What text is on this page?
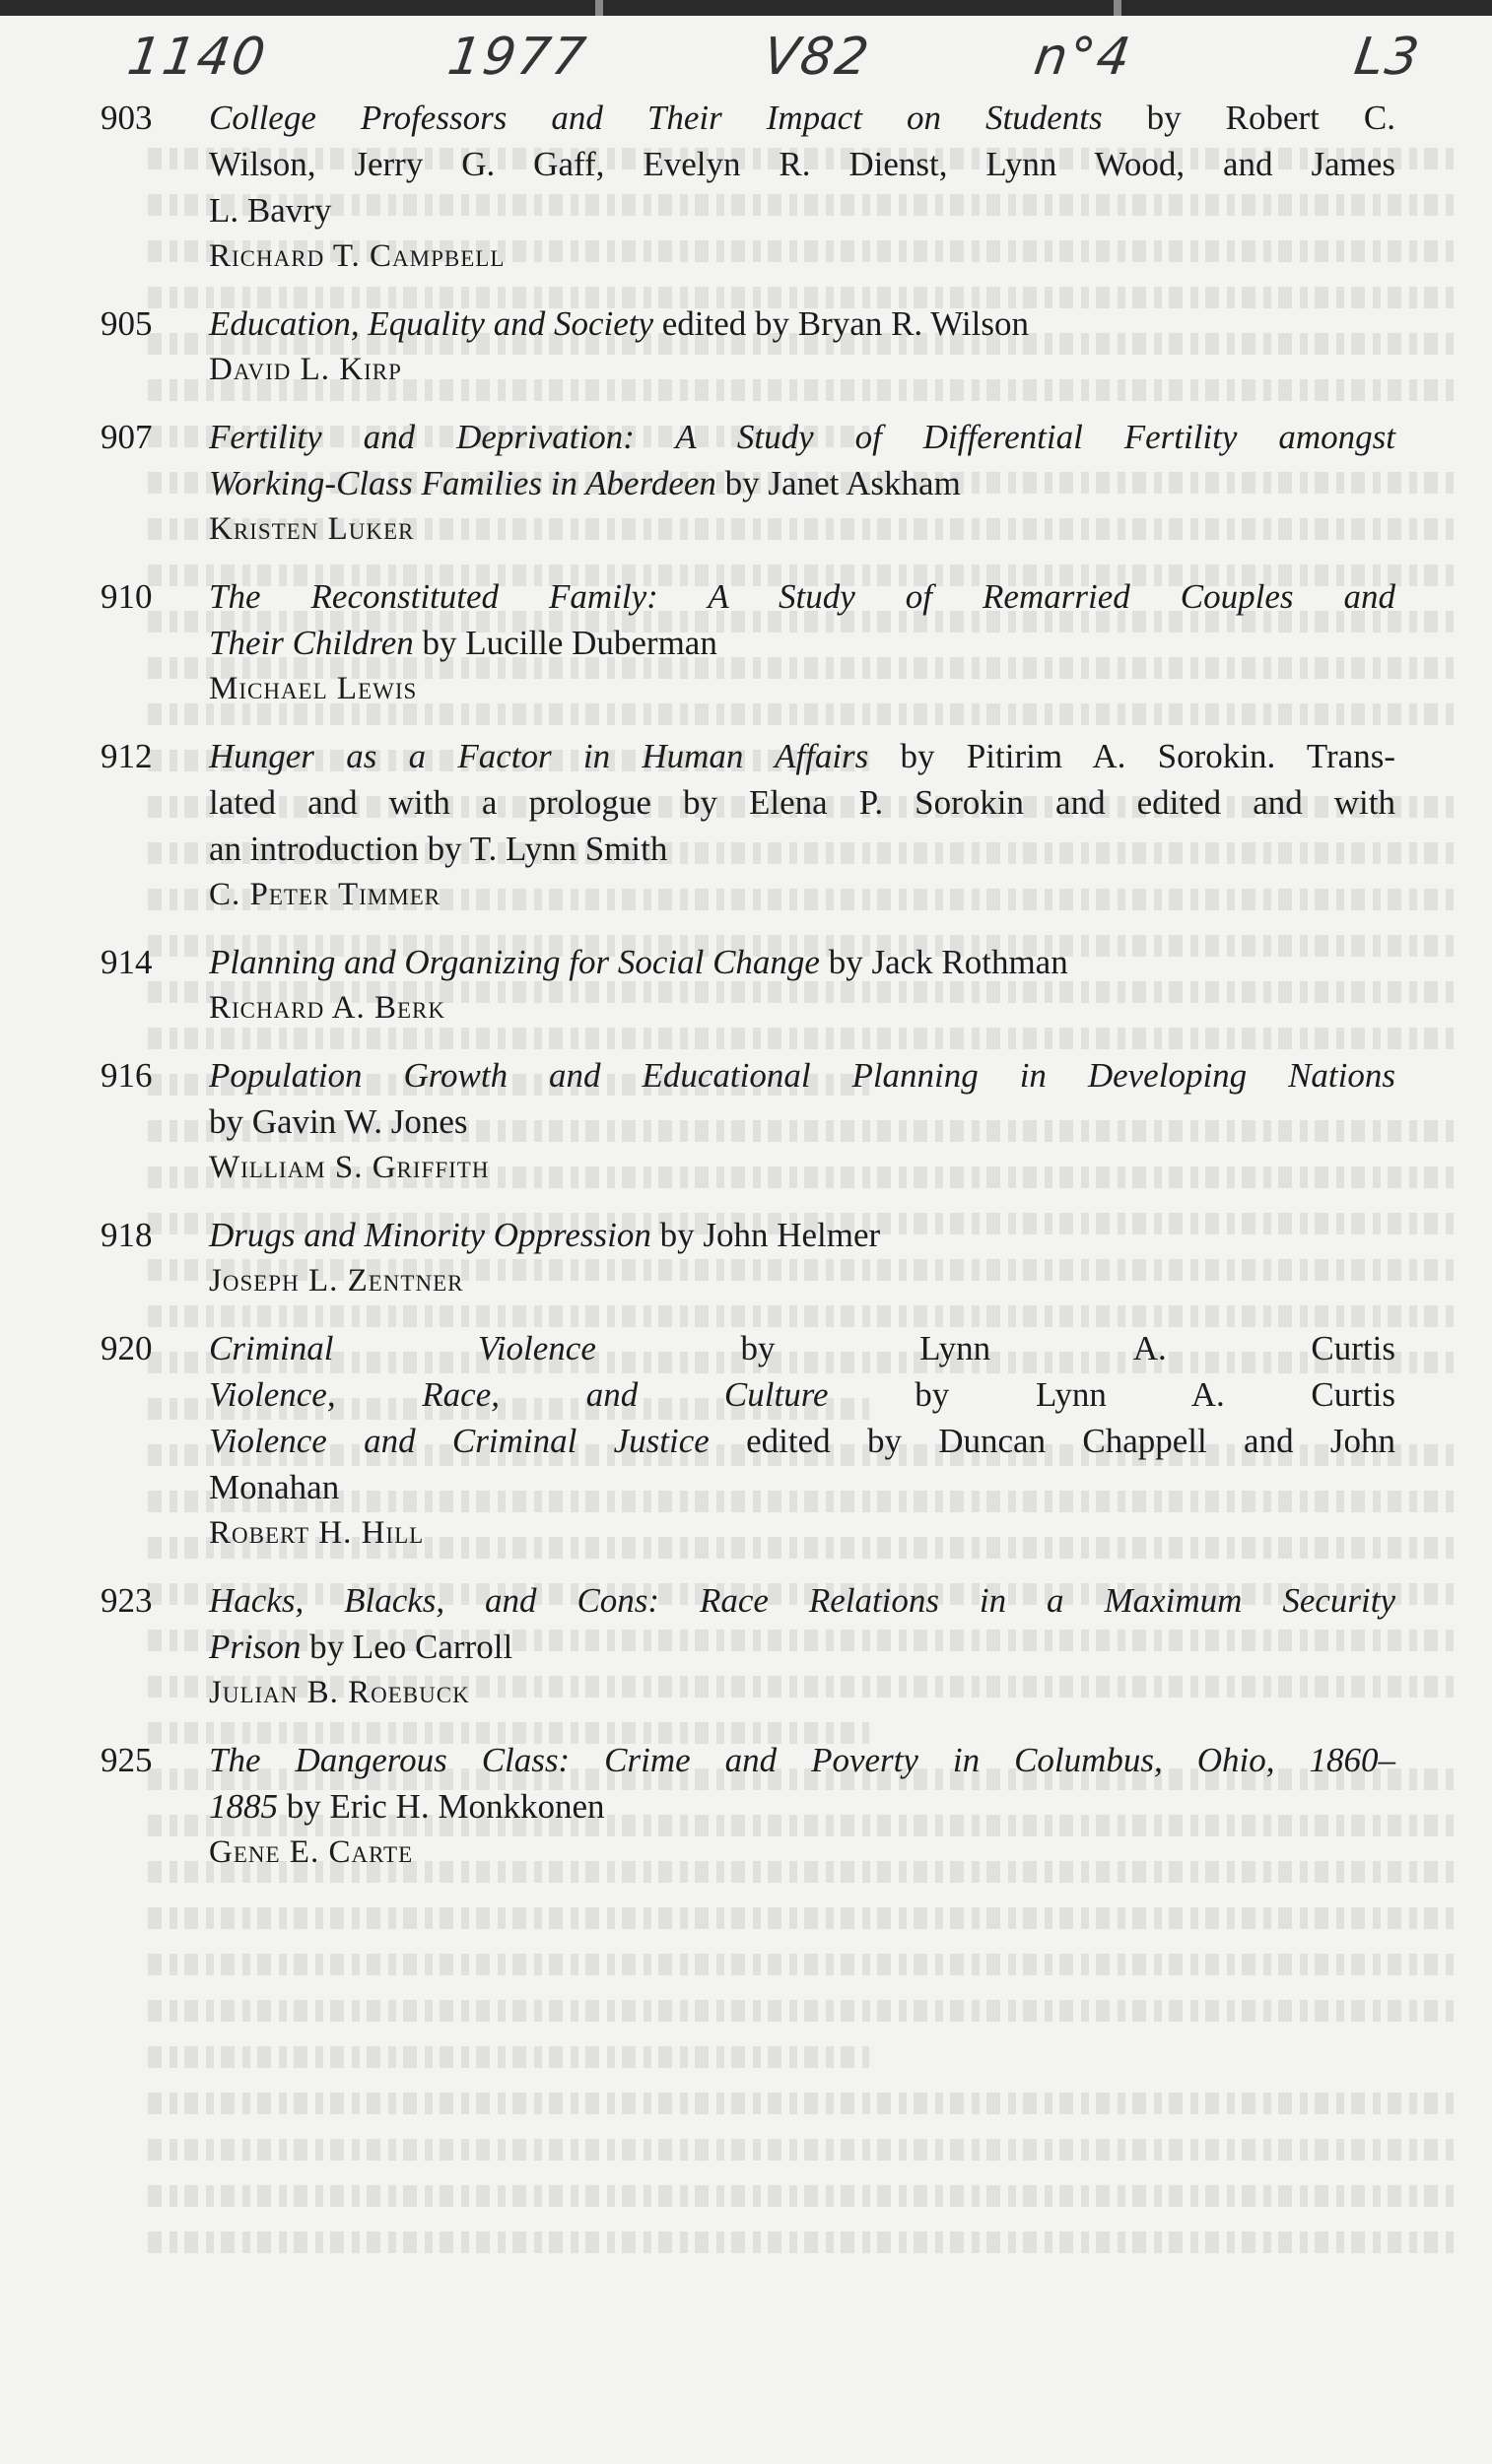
1140	1977	V82	n°4	L3
903	College Professors and Their Impact on Students by Robert C.
Wilson, Jerry G. Gaff, Evelyn R. Dienst, Lynn Wood, and James
L. Bavry
Richard T. Campbell
905	Education, Equality and Society edited by Bryan R. Wilson
David L. Kirp
907	Fertility and Deprivation: A Study of Differential Fertility amongst
Working-Class Families in Aberdeen by Janet Askham
Kristen Luker
910	The Reconstituted Family: A Study of Remarried Couples and
Their Children by Lucille Duberman
Michael Lewis
912	Hunger as a Factor in Human Affairs by Pitirim A. Sorokin. Trans-
lated and with a prologue by Elena P. Sorokin and edited and with
an introduction by T. Lynn Smith
C. Peter Timmer
914	Planning and Organizing for Social Change by Jack Rothman
Richard A. Berk
916	Population Growth and Educational Planning in Developing Nations
by Gavin W. Jones
William S. Griffith
918	Drugs and Minority Oppression by John Helmer
Joseph L. Zentner
920	Criminal Violence by Lynn A. Curtis
Violence, Race, and Culture by Lynn A. Curtis
Violence and Criminal Justice edited by Duncan Chappell and John
Monahan
Robert H. Hill
923	Hacks, Blacks, and Cons: Race Relations in a Maximum Security
Prison by Leo Carroll
Julian B. Roebuck
925	The Dangerous Class: Crime and Poverty in Columbus, Ohio, 1860–
1885 by Eric H. Monkkonen
Gene E. Carte
